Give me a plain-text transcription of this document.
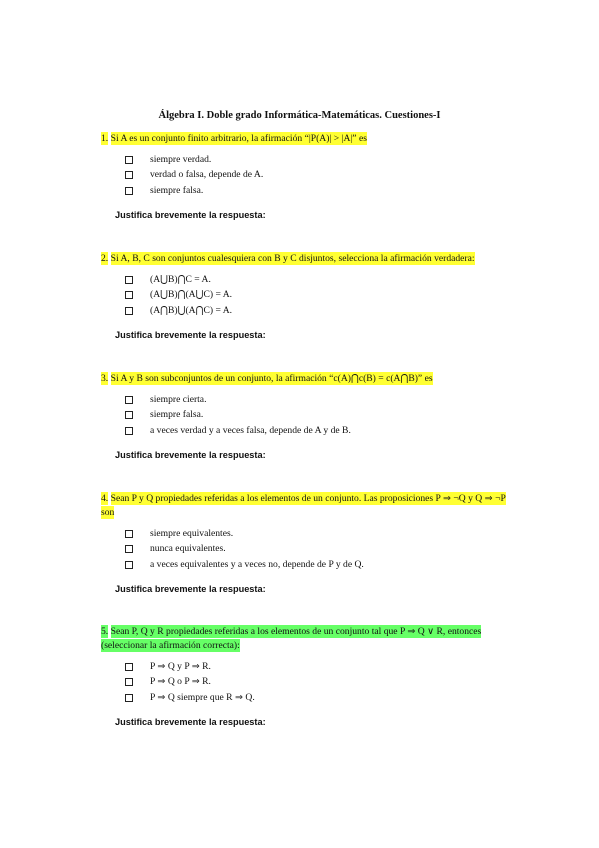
Álgebra I. Doble grado Informática-Matemáticas. Cuestiones-I
1. Si A es un conjunto finito arbitrario, la afirmación “|P(A)| > |A|” es
siempre verdad.
verdad o falsa, depende de A.
siempre falsa.
Justifica brevemente la respuesta:
2. Si A, B, C son conjuntos cualesquiera con B y C disjuntos, selecciona la afirmación verdadera:
(A⋃B)⋂C = A.
(A⋃B)⋂(A⋃C) = A.
(A⋂B)⋃(A⋂C) = A.
Justifica brevemente la respuesta:
3. Si A y B son subconjuntos de un conjunto, la afirmación “c(A)⋂c(B) = c(A⋂B)” es
siempre cierta.
siempre falsa.
a veces verdad y a veces falsa, depende de A y de B.
Justifica brevemente la respuesta:
4. Sean P y Q propiedades referidas a los elementos de un conjunto. Las proposiciones P ⇒ ¬Q y Q ⇒ ¬P son
siempre equivalentes.
nunca equivalentes.
a veces equivalentes y a veces no, depende de P y de Q.
Justifica brevemente la respuesta:
5. Sean P, Q y R propiedades referidas a los elementos de un conjunto tal que P ⇒ Q ∨ R, entonces (seleccionar la afirmación correcta):
P ⇒ Q y P ⇒ R.
P ⇒ Q o P ⇒ R.
P ⇒ Q siempre que R ⇒ Q.
Justifica brevemente la respuesta:
